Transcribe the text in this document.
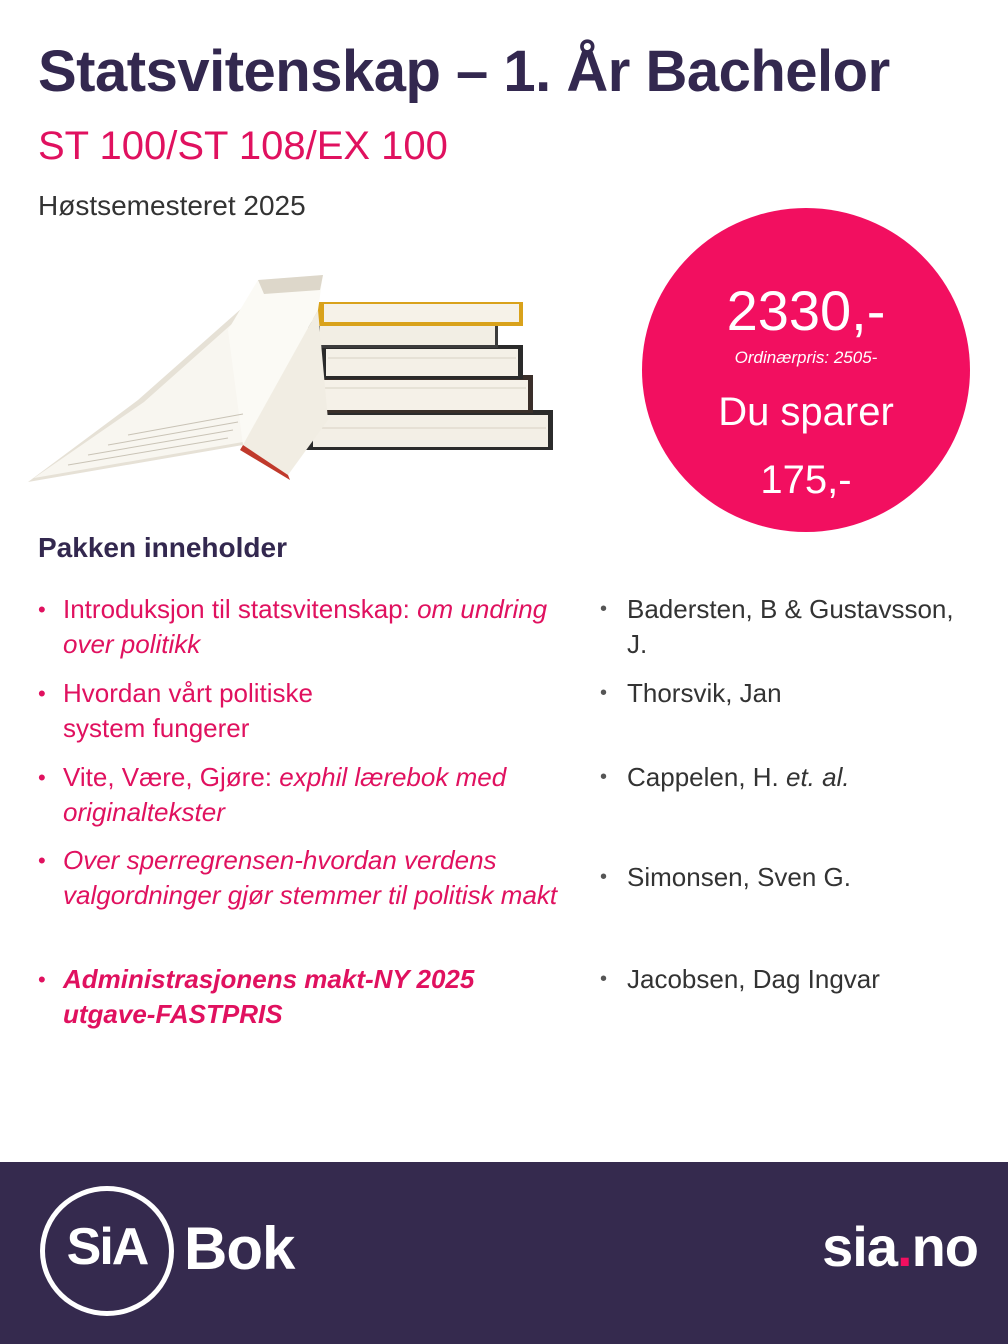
Statsvitenskap – 1. År Bachelor
ST 100/ST 108/EX 100
Høstsemesteret 2025
2330,-
Ordinærpris: 2505-
Du sparer
175,-
Pakken inneholder
• Introduksjon til statsvitenskap: om undring over politikk
• Badersten, B & Gustavsson, J.
• Hvordan vårt politiske system fungerer
• Thorsvik, Jan
• Vite, Være, Gjøre: exphil lærebok med originaltekster
• Cappelen, H. et. al.
• Over sperregrensen-hvordan verdens valgordninger gjør stemmer til politisk makt
• Simonsen, Sven G.
• Administrasjonens makt-NY 2025 utgave-FASTPRIS
• Jacobsen, Dag Ingvar
SiA Bok	sia.no
